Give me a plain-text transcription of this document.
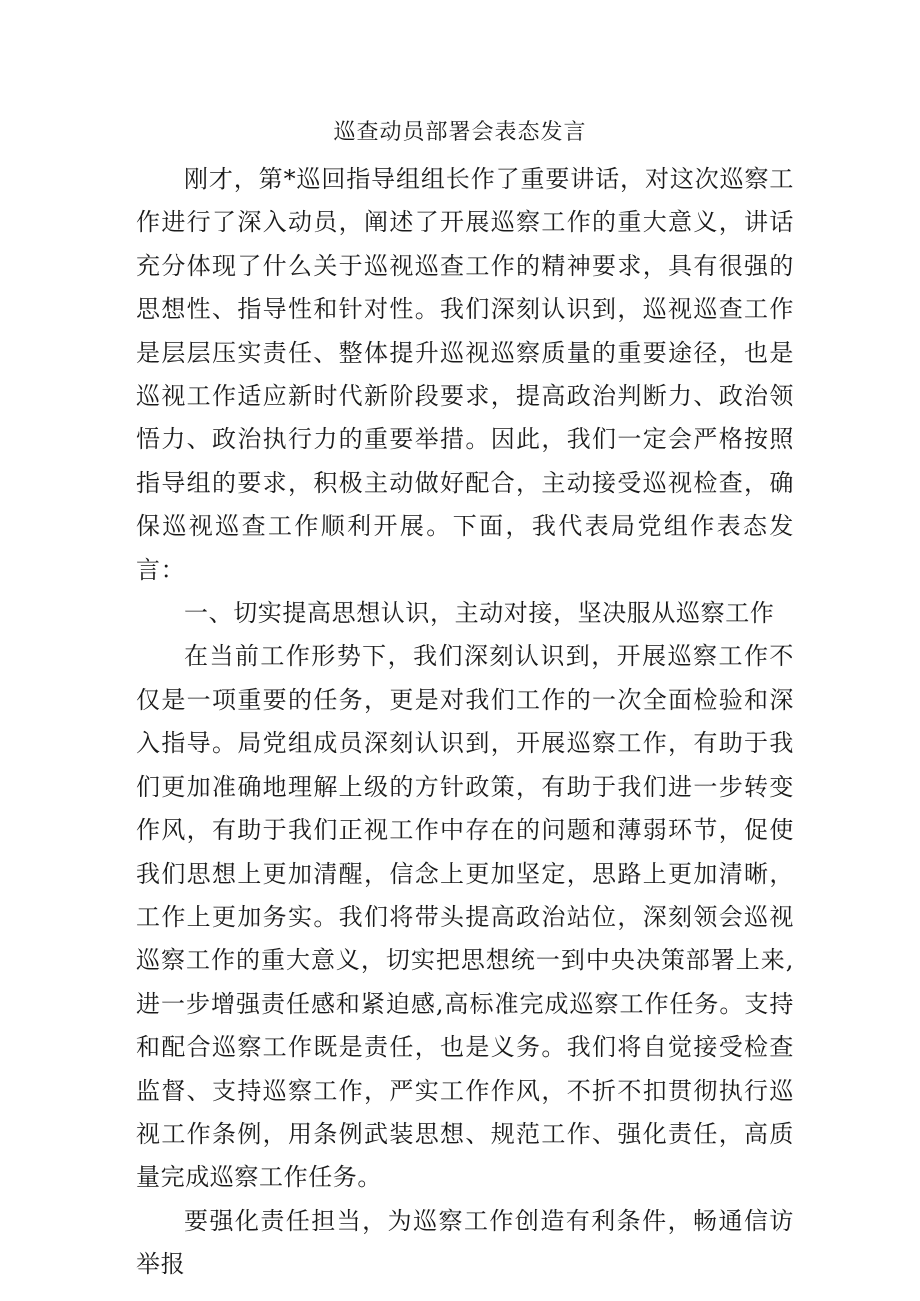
巡查动员部署会表态发言

刚才，第*巡回指导组组长作了重要讲话，对这次巡察工作进行了深入动员，阐述了开展巡察工作的重大意义，讲话充分体现了什么关于巡视巡查工作的精神要求，具有很强的思想性、指导性和针对性。我们深刻认识到，巡视巡查工作是层层压实责任、整体提升巡视巡察质量的重要途径，也是巡视工作适应新时代新阶段要求，提高政治判断力、政治领悟力、政治执行力的重要举措。因此，我们一定会严格按照指导组的要求，积极主动做好配合，主动接受巡视检查，确保巡视巡查工作顺利开展。下面，我代表局党组作表态发言：

一、切实提高思想认识，主动对接，坚决服从巡察工作

在当前工作形势下，我们深刻认识到，开展巡察工作不仅是一项重要的任务，更是对我们工作的一次全面检验和深入指导。局党组成员深刻认识到，开展巡察工作，有助于我们更加准确地理解上级的方针政策，有助于我们进一步转变作风，有助于我们正视工作中存在的问题和薄弱环节，促使我们思想上更加清醒，信念上更加坚定，思路上更加清晰，工作上更加务实。我们将带头提高政治站位，深刻领会巡视巡察工作的重大意义，切实把思想统一到中央决策部署上来,进一步增强责任感和紧迫感,高标准完成巡察工作任务。支持和配合巡察工作既是责任，也是义务。我们将自觉接受检查监督、支持巡察工作，严实工作作风，不折不扣贯彻执行巡视工作条例，用条例武装思想、规范工作、强化责任，高质量完成巡察工作任务。

要强化责任担当，为巡察工作创造有利条件，畅通信访举报
